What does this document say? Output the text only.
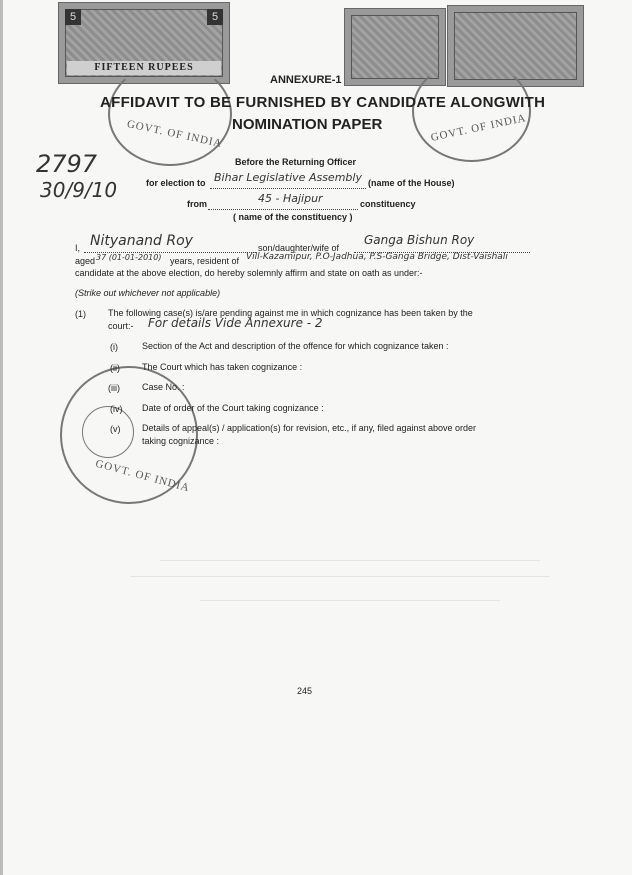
5	5
FIFTEEN RUPEES
GOVT. OF INDIA	GOVT. OF INDIA
GOVT. OF INDIA
ANNEXURE-1
AFFIDAVIT TO BE FURNISHED BY CANDIDATE ALONGWITH
NOMINATION PAPER
2797
30/9/10
Before the Returning Officer
for election to Bihar Legislative Assembly (name of the House)
from	45 - Hajipur	constituency
( name of the constituency )
I, Nityanand Roy	son/daughter/wife of
Ganga Bishun Roy
aged 37 (01-01-2010) years, resident of Vill-Kazamipur, P.O-Jadhua, P.S-Ganga Bridge, Dist-Vaishali
candidate at the above election, do hereby solemnly affirm and state on oath as under:-
(Strike out whichever not applicable)
(1) The following case(s) is/are pending against me in which cognizance has been taken by the
court:- For details Vide Annexure - 2
(i)	Section of the Act and description of the offence for which cognizance taken :
(ii) The Court which has taken cognizance :
(iii) Case No. :
(iv) Date of order of the Court taking cognizance :
(v) Details of appeal(s) / application(s) for revision, etc., if any, filed against above order
taking cognizance :
245
